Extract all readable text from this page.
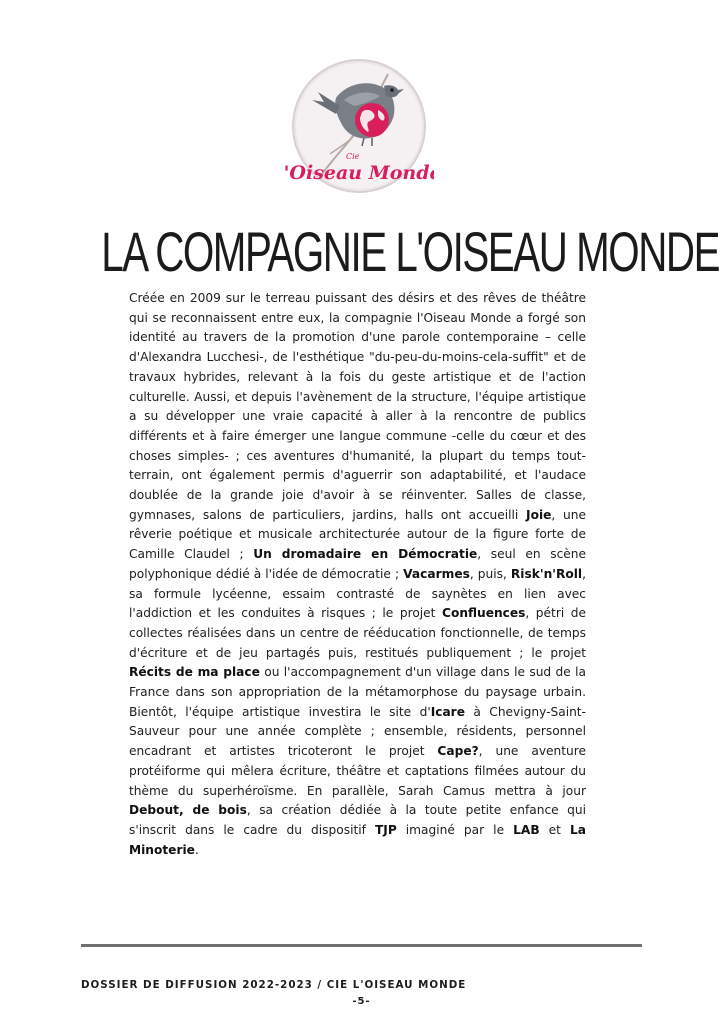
Cie
l'Oiseau Monde
LA COMPAGNIE L'OISEAU MONDE

Créée en 2009 sur le terreau puissant des désirs et des rêves de théâtre qui se reconnaissent entre eux, la compagnie l'Oiseau Monde a forgé son identité au travers de la promotion d'une parole contemporaine – celle d'Alexandra Lucchesi-, de l'esthétique "du-peu-du-moins-cela-suffit" et de travaux hybrides, relevant à la fois du geste artistique et de l'action culturelle. Aussi, et depuis l'avènement de la structure, l'équipe artistique a su développer une vraie capacité à aller à la rencontre de publics différents et à faire émerger une langue commune -celle du cœur et des choses simples- ; ces aventures d'humanité, la plupart du temps tout-terrain, ont également permis d'aguerrir son adaptabilité, et l'audace doublée de la grande joie d'avoir à se réinventer. Salles de classe, gymnases, salons de particuliers, jardins, halls ont accueilli Joie, une rêverie poétique et musicale architecturée autour de la figure forte de Camille Claudel ; Un dromadaire en Démocratie, seul en scène polyphonique dédié à l'idée de démocratie ; Vacarmes, puis, Risk'n'Roll, sa formule lycéenne, essaim contrasté de saynètes en lien avec l'addiction et les conduites à risques ; le projet Confluences, pétri de collectes réalisées dans un centre de rééducation fonctionnelle, de temps d'écriture et de jeu partagés puis, restitués publiquement ; le projet Récits de ma place ou l'accompagnement d'un village dans le sud de la France dans son appropriation de la métamorphose du paysage urbain. Bientôt, l'équipe artistique investira le site d'Icare à Chevigny-Saint-Sauveur pour une année complète ; ensemble, résidents, personnel encadrant et artistes tricoteront le projet Cape?, une aventure protéiforme qui mêlera écriture, théâtre et captations filmées autour du thème du superhéroïsme. En parallèle, Sarah Camus mettra à jour Debout, de bois, sa création dédiée à la toute petite enfance qui s'inscrit dans le cadre du dispositif TJP imaginé par le LAB et La Minoterie.

DOSSIER DE DIFFUSION 2022-2023 / CIE L'OISEAU MONDE

-5-
